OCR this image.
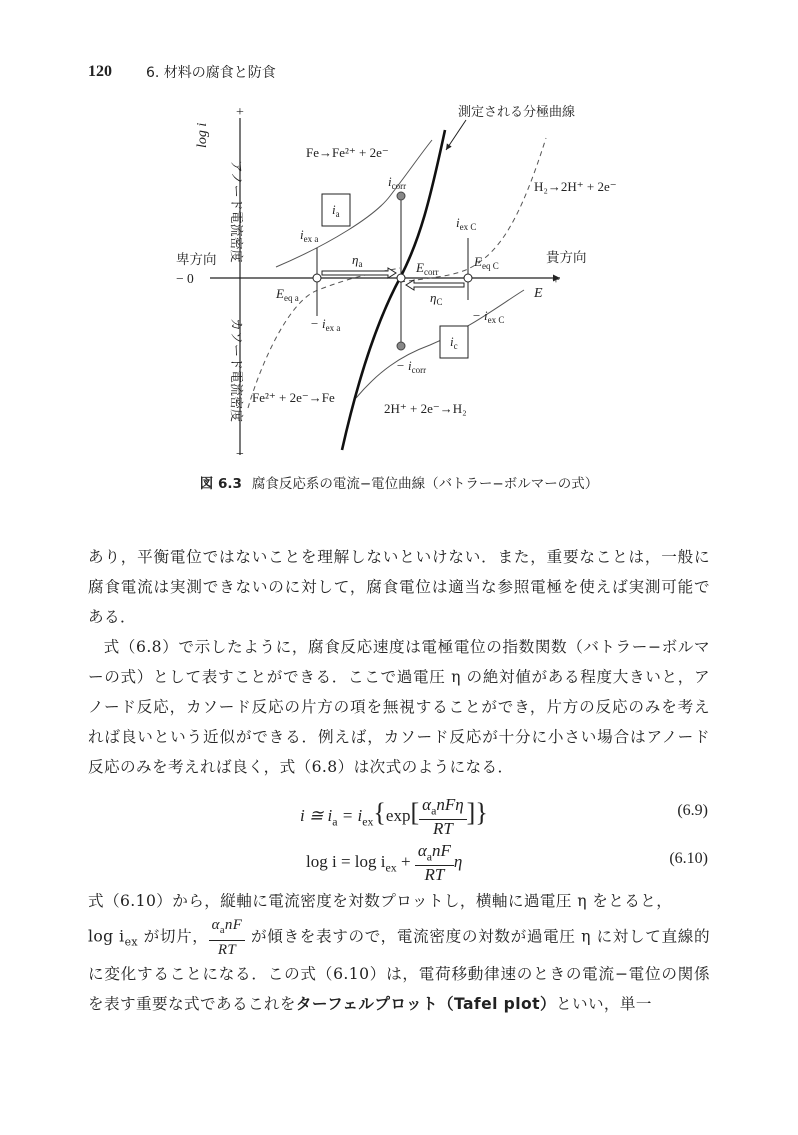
120 6. 材料の腐食と防食
+
−
log i
アノード電流密度
カソード電流密度
卑方向
− 0
貴方向
+
E
測定される分極曲線
Fe→Fe²⁺ + 2e⁻
H₂→2H⁺ + 2e⁻
Fe²⁺ + 2e⁻→Fe
2H⁺ + 2e⁻→H₂
$i_{corr}$
− $i_{corr}$
$i_a$
$i_c$
$i_{ex a}$
− $i_{ex a}$
$i_{ex C}$
− $i_{ex C}$
$\eta_a$
$\eta_C$
$E_{corr}$
$E_{eq a}$
$E_{eq C}$
図 6.3 腐食反応系の電流−電位曲線（バトラー−ボルマーの式）
あり，平衡電位ではないことを理解しないといけない．また，重要なことは，一般に腐食電流は実測できないのに対して，腐食電位は適当な参照電極を使えば実測可能である．
式（6.8）で示したように，腐食反応速度は電極電位の指数関数（バトラー−ボルマーの式）として表すことができる．ここで過電圧 η の絶対値がある程度大きいと，アノード反応，カソード反応の片方の項を無視することができ，片方の反応のみを考えれば良いという近似ができる．例えば，カソード反応が十分に小さい場合はアノード反応のみを考えれば良く，式（6.8）は次式のようになる．
i ≅ $i_a = i_{ex}\{\exp[ \frac{\alpha_anF\eta}{RT}$ ]}	(6.9)
$\log i = \log i_{ex} + \frac{\alpha_anF}{RT}$ η	(6.10)
式（6.10）から，縦軸に電流密度を対数プロットし，横軸に過電圧 η をとると，
$\log i_{ex}$ が切片， $\frac{\alpha_anF}{RT}$ が傾きを表すので，電流密度の対数が過電圧 η に対して直線的に変化することになる．この式（6.10）は，電荷移動律速のときの電流−電位の関係を表す重要な式であるこれをターフェルプロット（Tafel plot）といい，単一
